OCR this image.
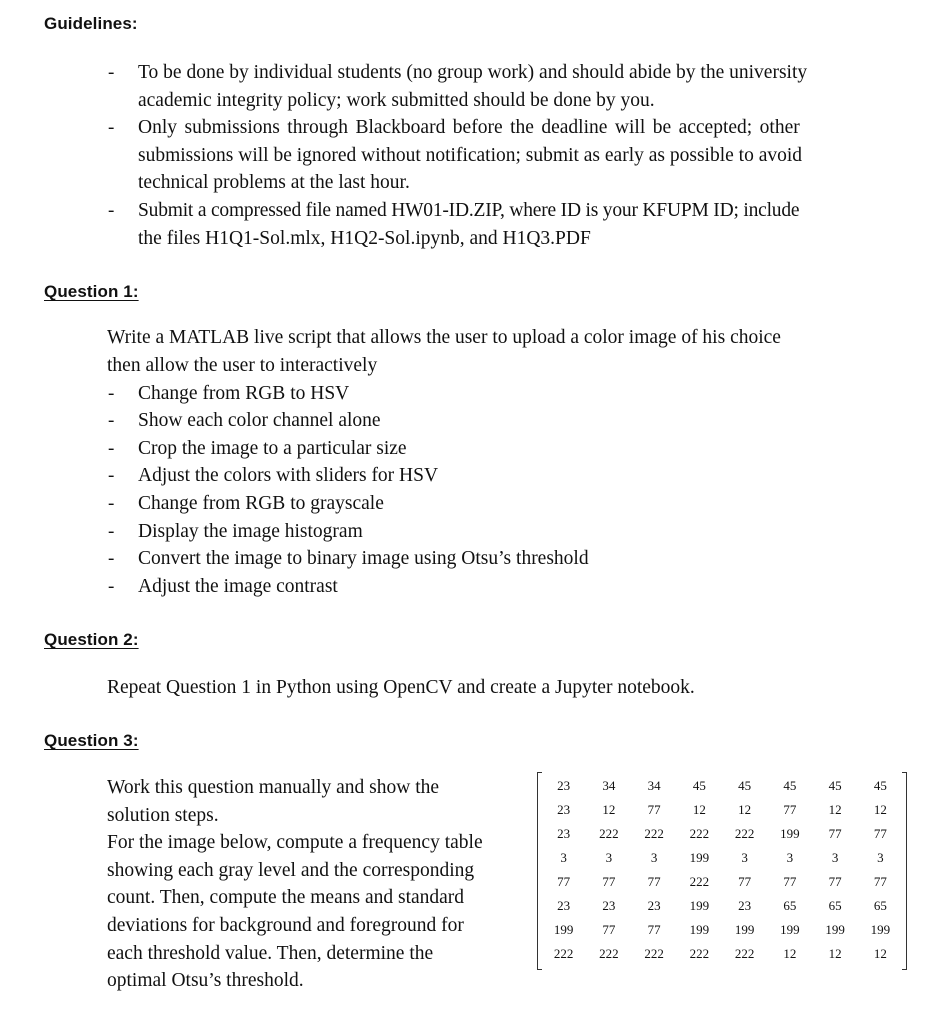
Guidelines:
- To be done by individual students (no group work) and should abide by the university
academic integrity policy; work submitted should be done by you.
- Only submissions through Blackboard before the deadline will be accepted; other
submissions will be ignored without notification; submit as early as possible to avoid
technical problems at the last hour.
- Submit a compressed file named HW01-ID.ZIP, where ID is your KFUPM ID; include
the files H1Q1-Sol.mlx, H1Q2-Sol.ipynb, and H1Q3.PDF
Question 1:
Write a MATLAB live script that allows the user to upload a color image of his choice
then allow the user to interactively
- Change from RGB to HSV
- Show each color channel alone
- Crop the image to a particular size
- Adjust the colors with sliders for HSV
- Change from RGB to grayscale
- Display the image histogram
- Convert the image to binary image using Otsu’s threshold
- Adjust the image contrast
Question 2:
Repeat Question 1 in Python using OpenCV and create a Jupyter notebook.
Question 3:
Work this question manually and show the
solution steps.
For the image below, compute a frequency table
showing each gray level and the corresponding
count. Then, compute the means and standard
deviations for background and foreground for
each threshold value. Then, determine the
optimal Otsu’s threshold.
23	34	34	45	45	45	45	45
23	12	77	12	12	77	12	12
23	222	222	222	222	199	77	77
3	3	3	199	3	3	3	3
77	77	77	222	77	77	77	77
23	23	23	199	23	65	65	65
199	77	77	199	199	199	199	199
222	222	222	222	222	12	12	12
